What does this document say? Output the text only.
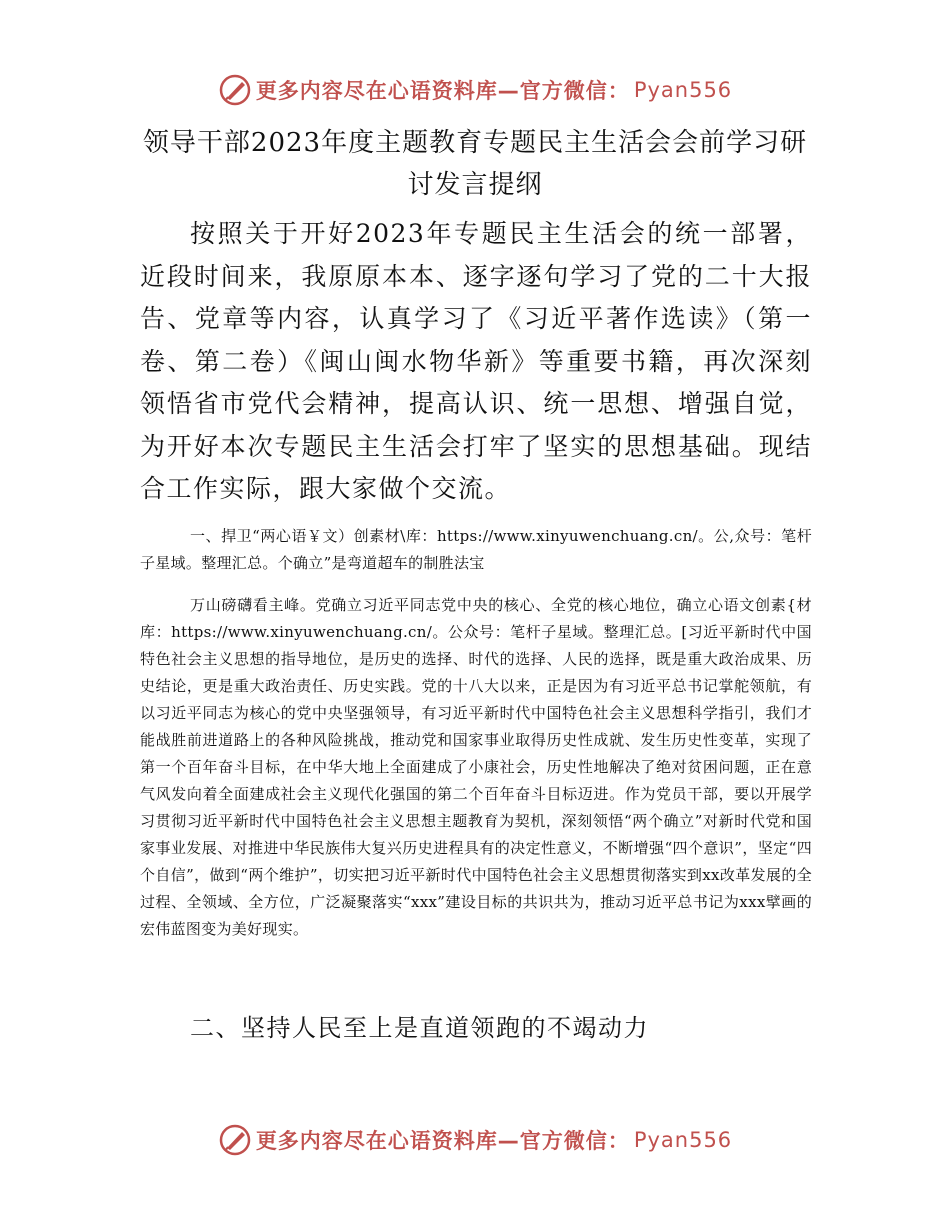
更多内容尽在心语资料库—官方微信： Pyan556
领导干部2023年度主题教育专题民主生活会会前学习研讨发言提纲

按照关于开好2023年专题民主生活会的统一部署，近段时间来，我原原本本、逐字逐句学习了党的二十大报告、党章等内容，认真学习了《习近平著作选读》（第一卷、第二卷）《闽山闽水物华新》等重要书籍，再次深刻领悟省市党代会精神，提高认识、统一思想、增强自觉，为开好本次专题民主生活会打牢了坚实的思想基础。现结合工作实际，跟大家做个交流。

一、捍卫“两心语￥文）创素材\库：https://www.xinyuwenchuang.cn/。公,众号：笔杆子星域。整理汇总。个确立”是弯道超车的制胜法宝

万山磅礴看主峰。党确立习近平同志党中央的核心、全党的核心地位，确立心语文创素{材库：https://www.xinyuwenchuang.cn/。公众号：笔杆子星域。整理汇总。[习近平新时代中国特色社会主义思想的指导地位，是历史的选择、时代的选择、人民的选择，既是重大政治成果、历史结论，更是重大政治责任、历史实践。党的十八大以来，正是因为有习近平总书记掌舵领航，有以习近平同志为核心的党中央坚强领导，有习近平新时代中国特色社会主义思想科学指引，我们才能战胜前进道路上的各种风险挑战，推动党和国家事业取得历史性成就、发生历史性变革，实现了第一个百年奋斗目标，在中华大地上全面建成了小康社会，历史性地解决了绝对贫困问题，正在意气风发向着全面建成社会主义现代化强国的第二个百年奋斗目标迈进。作为党员干部，要以开展学习贯彻习近平新时代中国特色社会主义思想主题教育为契机，深刻领悟“两个确立”对新时代党和国家事业发展、对推进中华民族伟大复兴历史进程具有的决定性意义，不断增强“四个意识”，坚定“四个自信”，做到“两个维护”，切实把习近平新时代中国特色社会主义思想贯彻落实到xx改革发展的全过程、全领域、全方位，广泛凝聚落实“xxx”建设目标的共识共为，推动习近平总书记为xxx擘画的宏伟蓝图变为美好现实。

二、坚持人民至上是直道领跑的不竭动力
更多内容尽在心语资料库—官方微信： Pyan556
